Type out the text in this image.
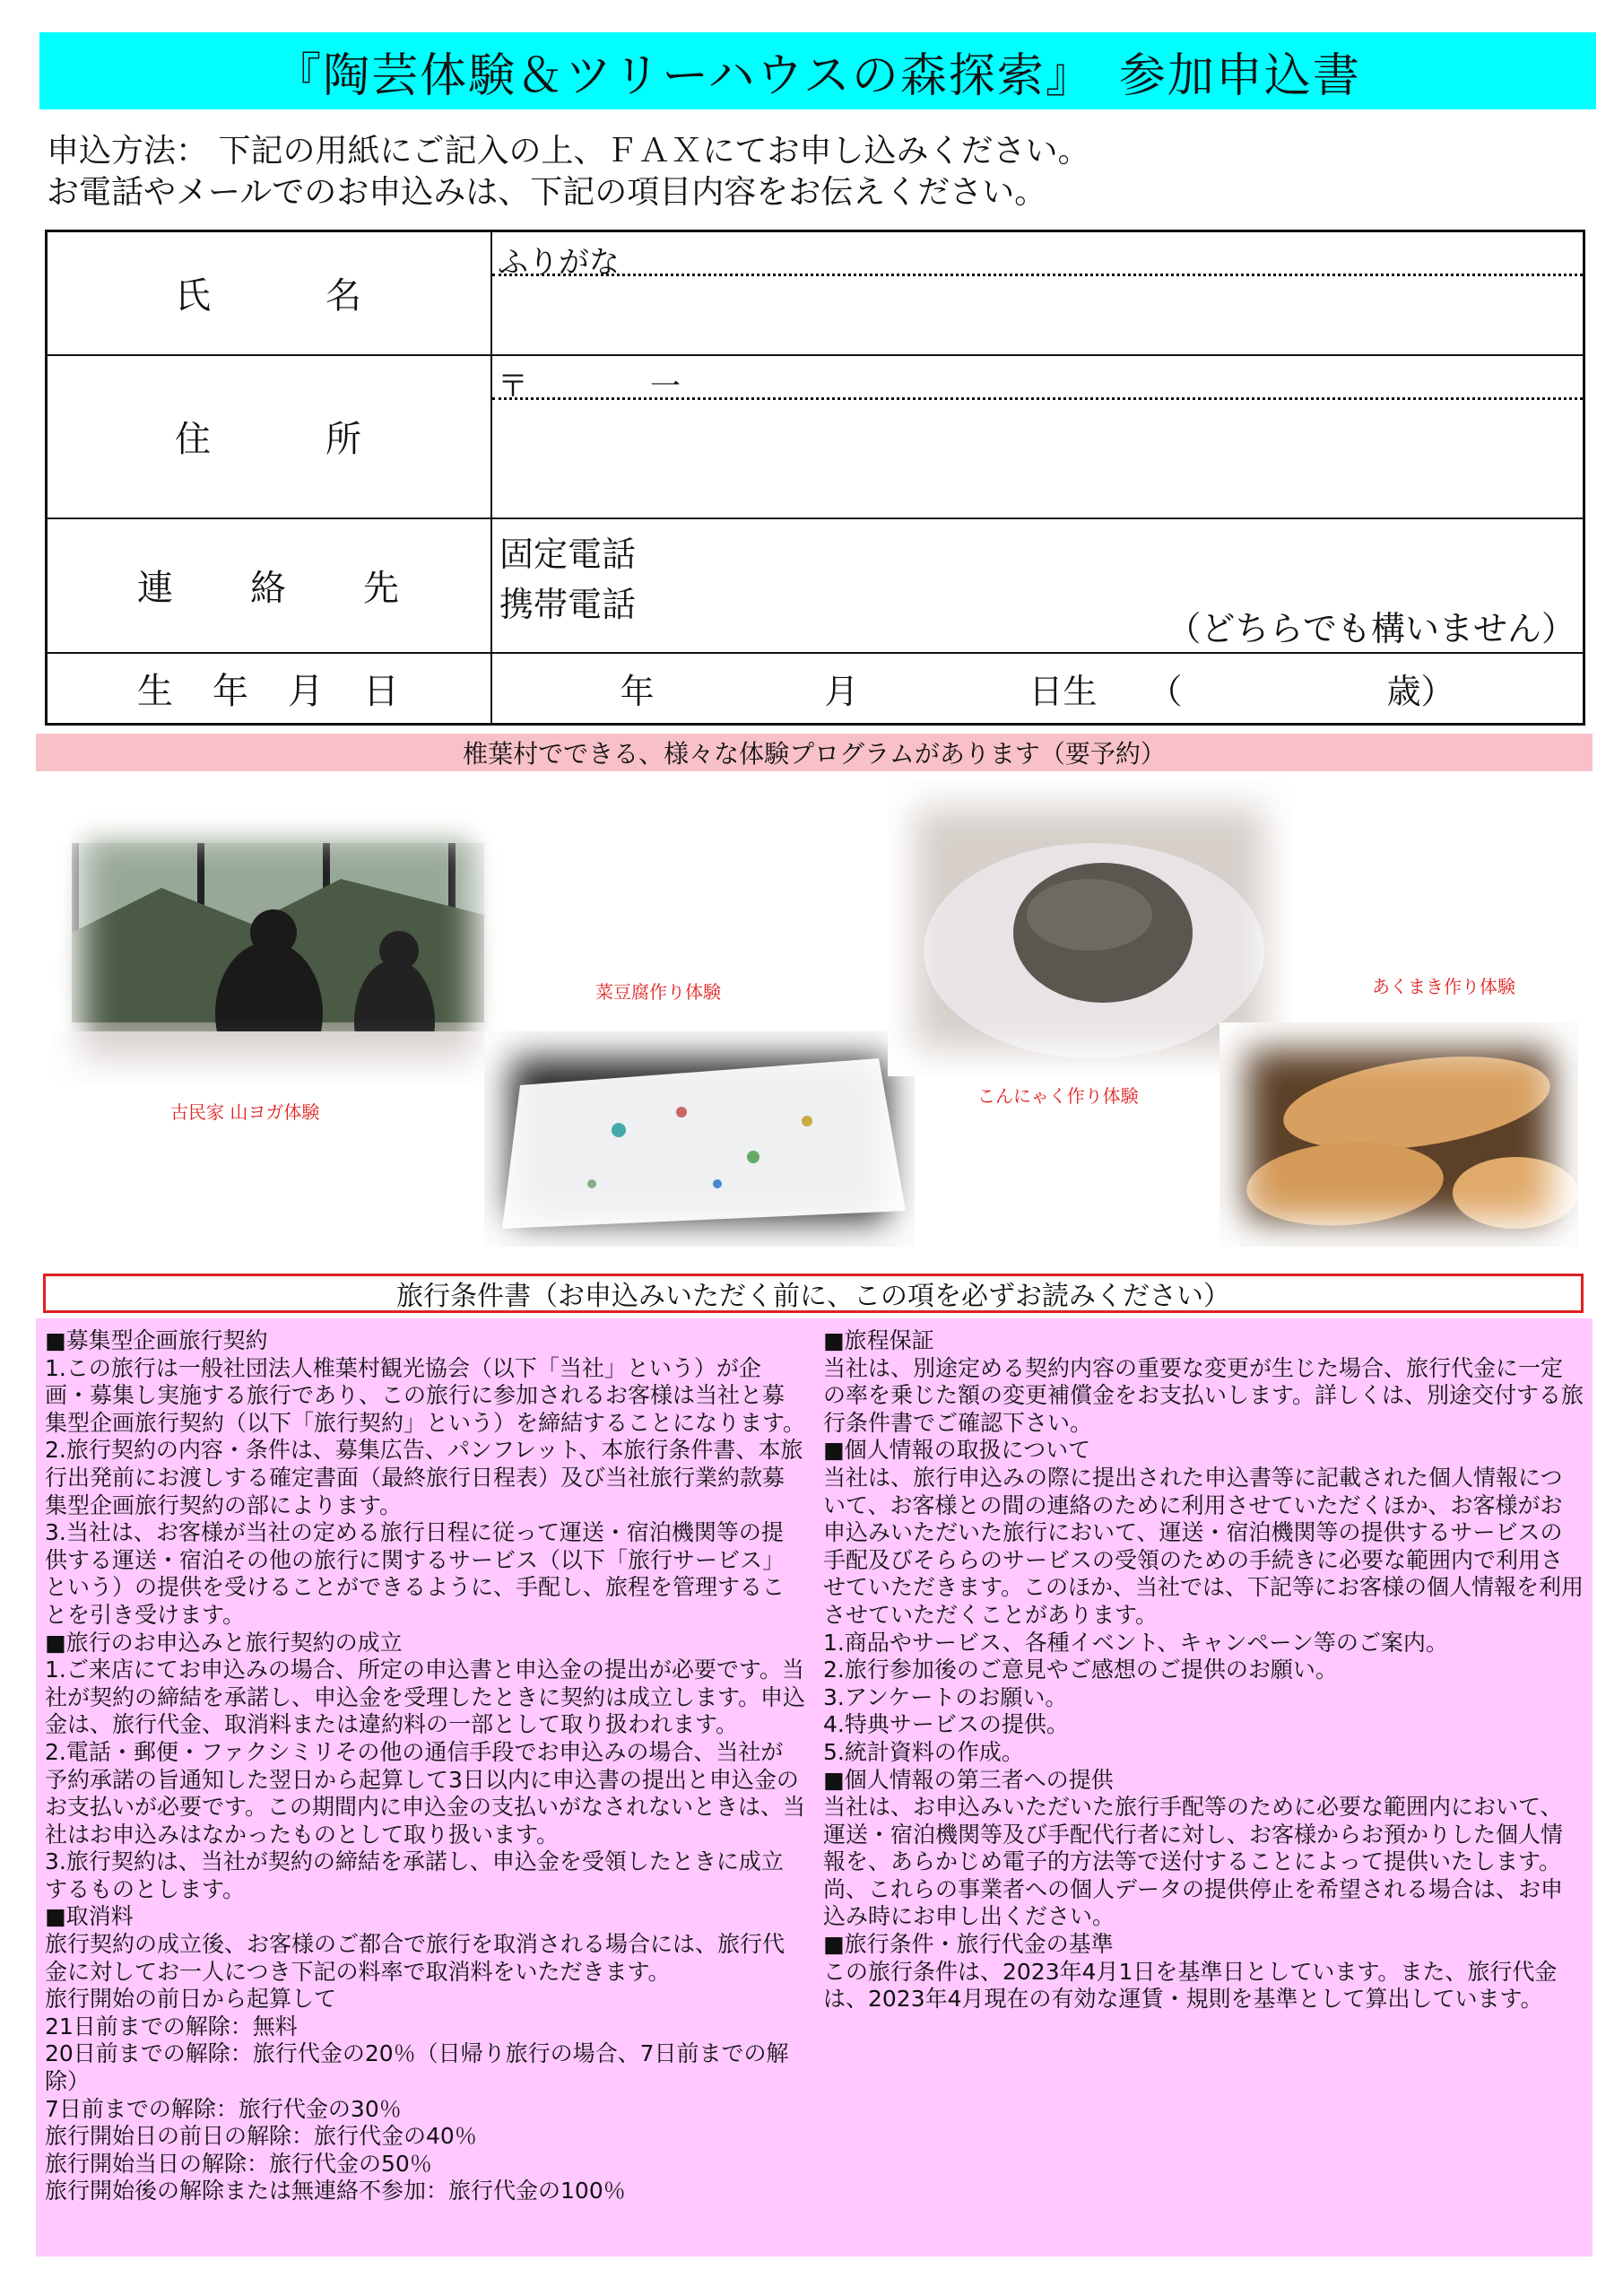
『陶芸体験＆ツリーハウスの森探索』　参加申込書
申込方法： 下記の用紙にご記入の上、ＦＡＸにてお申し込みください。
お電話やメールでのお申込みは、下記の項目内容をお伝えください。
氏　　　名	ふりがな

住　　　所	〒　　　　一

連　　絡　　先	固定電話
携帯電話
（どちらでも構いません）

生　年　月　日	年　　　　　月　　　　　日生　　（　　　　　　歳）
椎葉村でできる、様々な体験プログラムがあります（要予約）
古民家 山ヨガ体験
菜豆腐作り体験
こんにゃく作り体験
あくまき作り体験
旅行条件書（お申込みいただく前に、この項を必ずお読みください）

■募集型企画旅行契約

1.この旅行は一般社団法人椎葉村観光協会（以下「当社」という）が企画・募集し実施する旅行であり、この旅行に参加されるお客様は当社と募集型企画旅行契約（以下「旅行契約」という）を締結することになります。

2.旅行契約の内容・条件は、募集広告、パンフレット、本旅行条件書、本旅行出発前にお渡しする確定書面（最終旅行日程表）及び当社旅行業約款募集型企画旅行契約の部によります。

3.当社は、お客様が当社の定める旅行日程に従って運送・宿泊機関等の提供する運送・宿泊その他の旅行に関するサービス（以下「旅行サービス」という）の提供を受けることができるように、手配し、旅程を管理することを引き受けます。

■旅行のお申込みと旅行契約の成立

1.ご来店にてお申込みの場合、所定の申込書と申込金の提出が必要です。当社が契約の締結を承諾し、申込金を受理したときに契約は成立します。申込金は、旅行代金、取消料または違約料の一部として取り扱われます。

2.電話・郵便・ファクシミリその他の通信手段でお申込みの場合、当社が予約承諾の旨通知した翌日から起算して3日以内に申込書の提出と申込金のお支払いが必要です。この期間内に申込金の支払いがなされないときは、当社はお申込みはなかったものとして取り扱います。

3.旅行契約は、当社が契約の締結を承諾し、申込金を受領したときに成立するものとします。

■取消料

旅行契約の成立後、お客様のご都合で旅行を取消される場合には、旅行代金に対してお一人につき下記の料率で取消料をいただきます。

旅行開始の前日から起算して

21日前までの解除：無料

20日前までの解除：旅行代金の20％（日帰り旅行の場合、7日前までの解除）

7日前までの解除：旅行代金の30％

旅行開始日の前日の解除：旅行代金の40％

旅行開始当日の解除：旅行代金の50％

旅行開始後の解除または無連絡不参加：旅行代金の100％

■旅程保証

当社は、別途定める契約内容の重要な変更が生じた場合、旅行代金に一定の率を乗じた額の変更補償金をお支払いします。詳しくは、別途交付する旅行条件書でご確認下さい。

■個人情報の取扱について

当社は、旅行申込みの際に提出された申込書等に記載された個人情報について、お客様との間の連絡のために利用させていただくほか、お客様がお申込みいただいた旅行において、運送・宿泊機関等の提供するサービスの手配及びそららのサービスの受領のための手続きに必要な範囲内で利用させていただきます。このほか、当社では、下記等にお客様の個人情報を利用させていただくことがあります。

1.商品やサービス、各種イベント、キャンペーン等のご案内。

2.旅行参加後のご意見やご感想のご提供のお願い。

3.アンケートのお願い。

4.特典サービスの提供。

5.統計資料の作成。

■個人情報の第三者への提供

当社は、お申込みいただいた旅行手配等のために必要な範囲内において、運送・宿泊機関等及び手配代行者に対し、お客様からお預かりした個人情報を、あらかじめ電子的方法等で送付することによって提供いたします。尚、これらの事業者への個人データの提供停止を希望される場合は、お申込み時にお申し出ください。

■旅行条件・旅行代金の基準

この旅行条件は、2023年4月1日を基準日としています。また、旅行代金は、2023年4月現在の有効な運賃・規則を基準として算出しています。
